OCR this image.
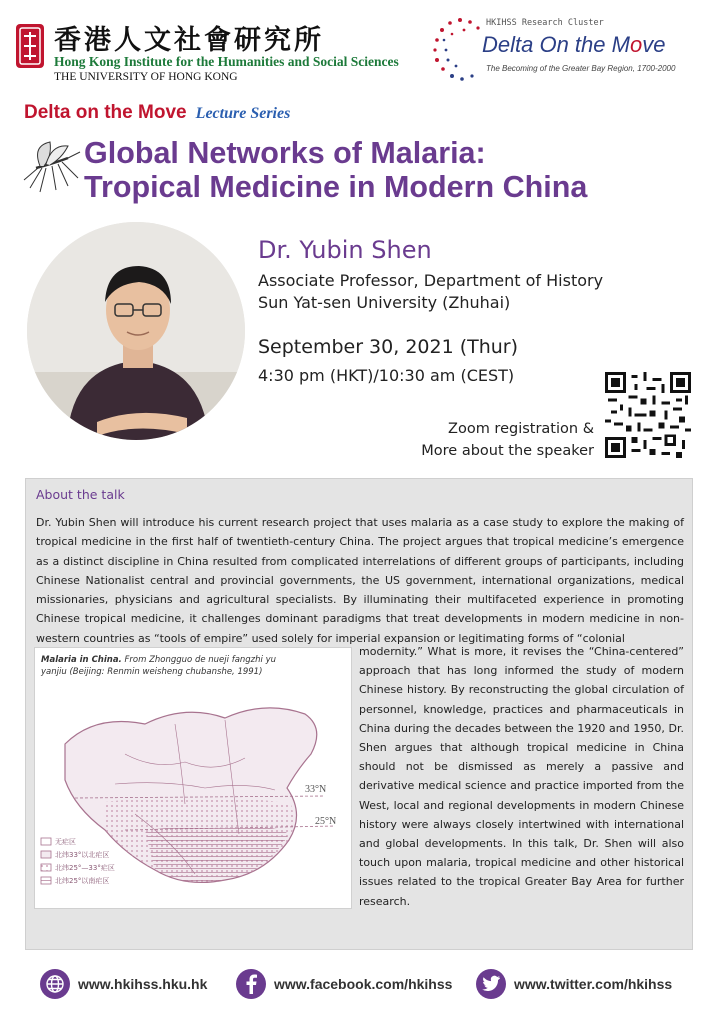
香港人文社會研究所
Hong Kong Institute for the Humanities and Social Sciences
THE UNIVERSITY OF HONG KONG
HKIHSS Research Cluster
Delta On the Move
The Becoming of the Greater Bay Region, 1700-2000
Delta on the Move Lecture Series
Global Networks of Malaria:
Tropical Medicine in Modern China
Dr. Yubin Shen
Associate Professor, Department of History
Sun Yat-sen University (Zhuhai)
September 30, 2021 (Thur)
4:30 pm (HKT)/10:30 am (CEST)
Zoom registration &
More about the speaker
About the talk
Dr. Yubin Shen will introduce his current research project that uses malaria as a case study to explore the making of tropical medicine in the first half of twentieth-century China. The project argues that tropical medicine’s emergence as a distinct discipline in China resulted from complicated interrelations of different groups of participants, including Chinese Nationalist central and provincial governments, the US government, international organizations, medical missionaries, physicians and agricultural specialists. By illuminating their multifaceted experience in promoting Chinese tropical medicine, it challenges dominant paradigms that treat developments in modern medicine in non-western countries as “tools of empire” used solely for imperial expansion or legitimating forms of “colonial
Malaria in China. From Zhongguo de nueji fangzhi yu yanjiu (Beijing: Renmin weisheng chubanshe, 1991)
33°N
25°N
无疟区
北纬33°以北疟区
北纬25°—33°疟区
北纬25°以南疟区
modernity.” What is more, it revises the “China-centered” approach that has long informed the study of modern Chinese history. By reconstructing the global circulation of personnel, knowledge, practices and pharmaceuticals in China during the decades between the 1920 and 1950, Dr. Shen argues that although tropical medicine in China should not be dismissed as merely a passive and derivative medical science and practice imported from the West, local and regional developments in modern Chinese history were always closely intertwined with international and global developments. In this talk, Dr. Shen will also touch upon malaria, tropical medicine and other historical issues related to the tropical Greater Bay Area for further research.
www.hkihss.hku.hk	www.facebook.com/hkihss	www.twitter.com/hkihss
